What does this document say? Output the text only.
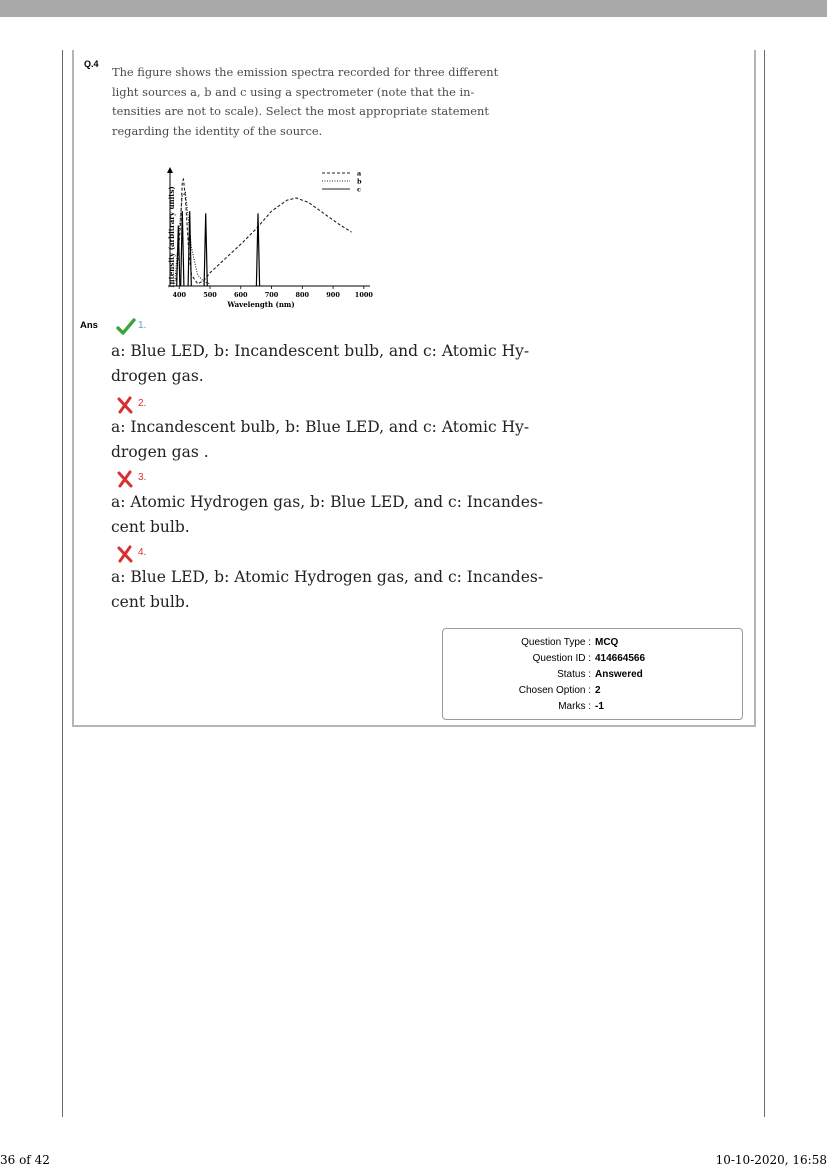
Q.4
The figure shows the emission spectra recorded for three different
light sources a, b and c using a spectrometer (note that the in-
tensities are not to scale). Select the most appropriate statement
regarding the identity of the source.
400	500	600	700	800	900 1000
a
b
c
Wavelength (nm)
Intensity (arbitrary units)
Ans	1.
a: Blue LED, b: Incandescent bulb, and c: Atomic Hy-
drogen gas.
2.
a: Incandescent bulb, b: Blue LED, and c: Atomic Hy-
drogen gas .
3.
a: Atomic Hydrogen gas, b: Blue LED, and c: Incandes-
cent bulb.
4.
a: Blue LED, b: Atomic Hydrogen gas, and c: Incandes-
cent bulb.
Question Type : MCQ
Question ID : 414664566
Status : Answered
Chosen Option : 2
Marks : -1
36 of 42	10-10-2020, 16:58
